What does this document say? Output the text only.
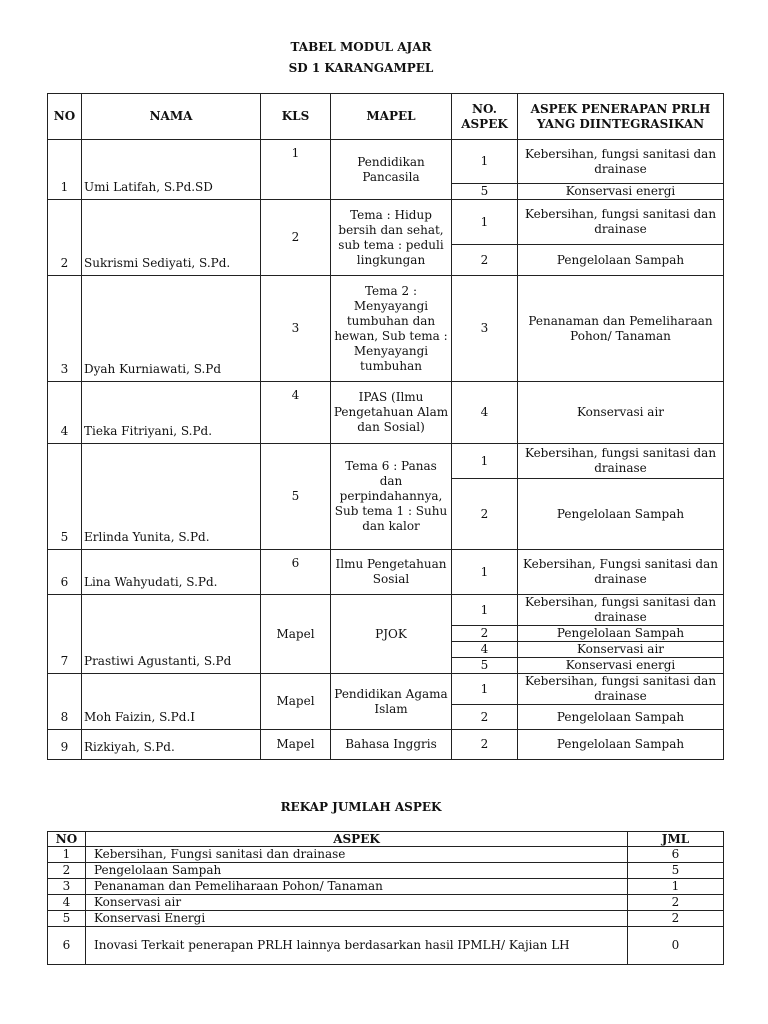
TABEL MODUL AJAR
SD 1 KARANGAMPEL
NO	NAMA	KLS	MAPEL	NO. ASPEK	ASPEK PENERAPAN PRLH YANG DIINTEGRASIKAN
1	Umi Latifah, S.Pd.SD	1	Pendidikan Pancasila	1	Kebersihan, fungsi sanitasi dan drainase
				5	Konservasi energi
2	Sukrismi Sediyati, S.Pd.	2	Tema : Hidup bersih dan sehat, sub tema : peduli lingkungan	1	Kebersihan, fungsi sanitasi dan drainase
				2	Pengelolaan Sampah
3	Dyah Kurniawati, S.Pd	3	Tema 2 : Menyayangi tumbuhan dan hewan, Sub tema : Menyayangi tumbuhan	3	Penanaman dan Pemeliharaan Pohon/ Tanaman
4	Tieka Fitriyani, S.Pd.	4	IPAS (Ilmu Pengetahuan Alam dan Sosial)	4	Konservasi air
5	Erlinda Yunita, S.Pd.	5	Tema 6 : Panas dan perpindahannya, Sub tema 1 : Suhu dan kalor	1	Kebersihan, fungsi sanitasi dan drainase
				2	Pengelolaan Sampah
6	Lina Wahyudati, S.Pd.	6	Ilmu Pengetahuan Sosial	1	Kebersihan, Fungsi sanitasi dan drainase
7	Prastiwi Agustanti, S.Pd	Mapel	PJOK	1	Kebersihan, fungsi sanitasi dan drainase
				2	Pengelolaan Sampah
				4	Konservasi air
				5	Konservasi energi
8	Moh Faizin, S.Pd.I	Mapel	Pendidikan Agama Islam	1	Kebersihan, fungsi sanitasi dan drainase
				2	Pengelolaan Sampah
9	Rizkiyah, S.Pd.	Mapel	Bahasa Inggris	2	Pengelolaan Sampah
REKAP JUMLAH ASPEK
NO	ASPEK	JML
1	Kebersihan, Fungsi sanitasi dan drainase	6
2	Pengelolaan Sampah	5
3	Penanaman dan Pemeliharaan Pohon/ Tanaman	1
4	Konservasi air	2
5	Konservasi Energi	2
6	Inovasi Terkait penerapan PRLH lainnya berdasarkan hasil IPMLH/ Kajian LH	0
